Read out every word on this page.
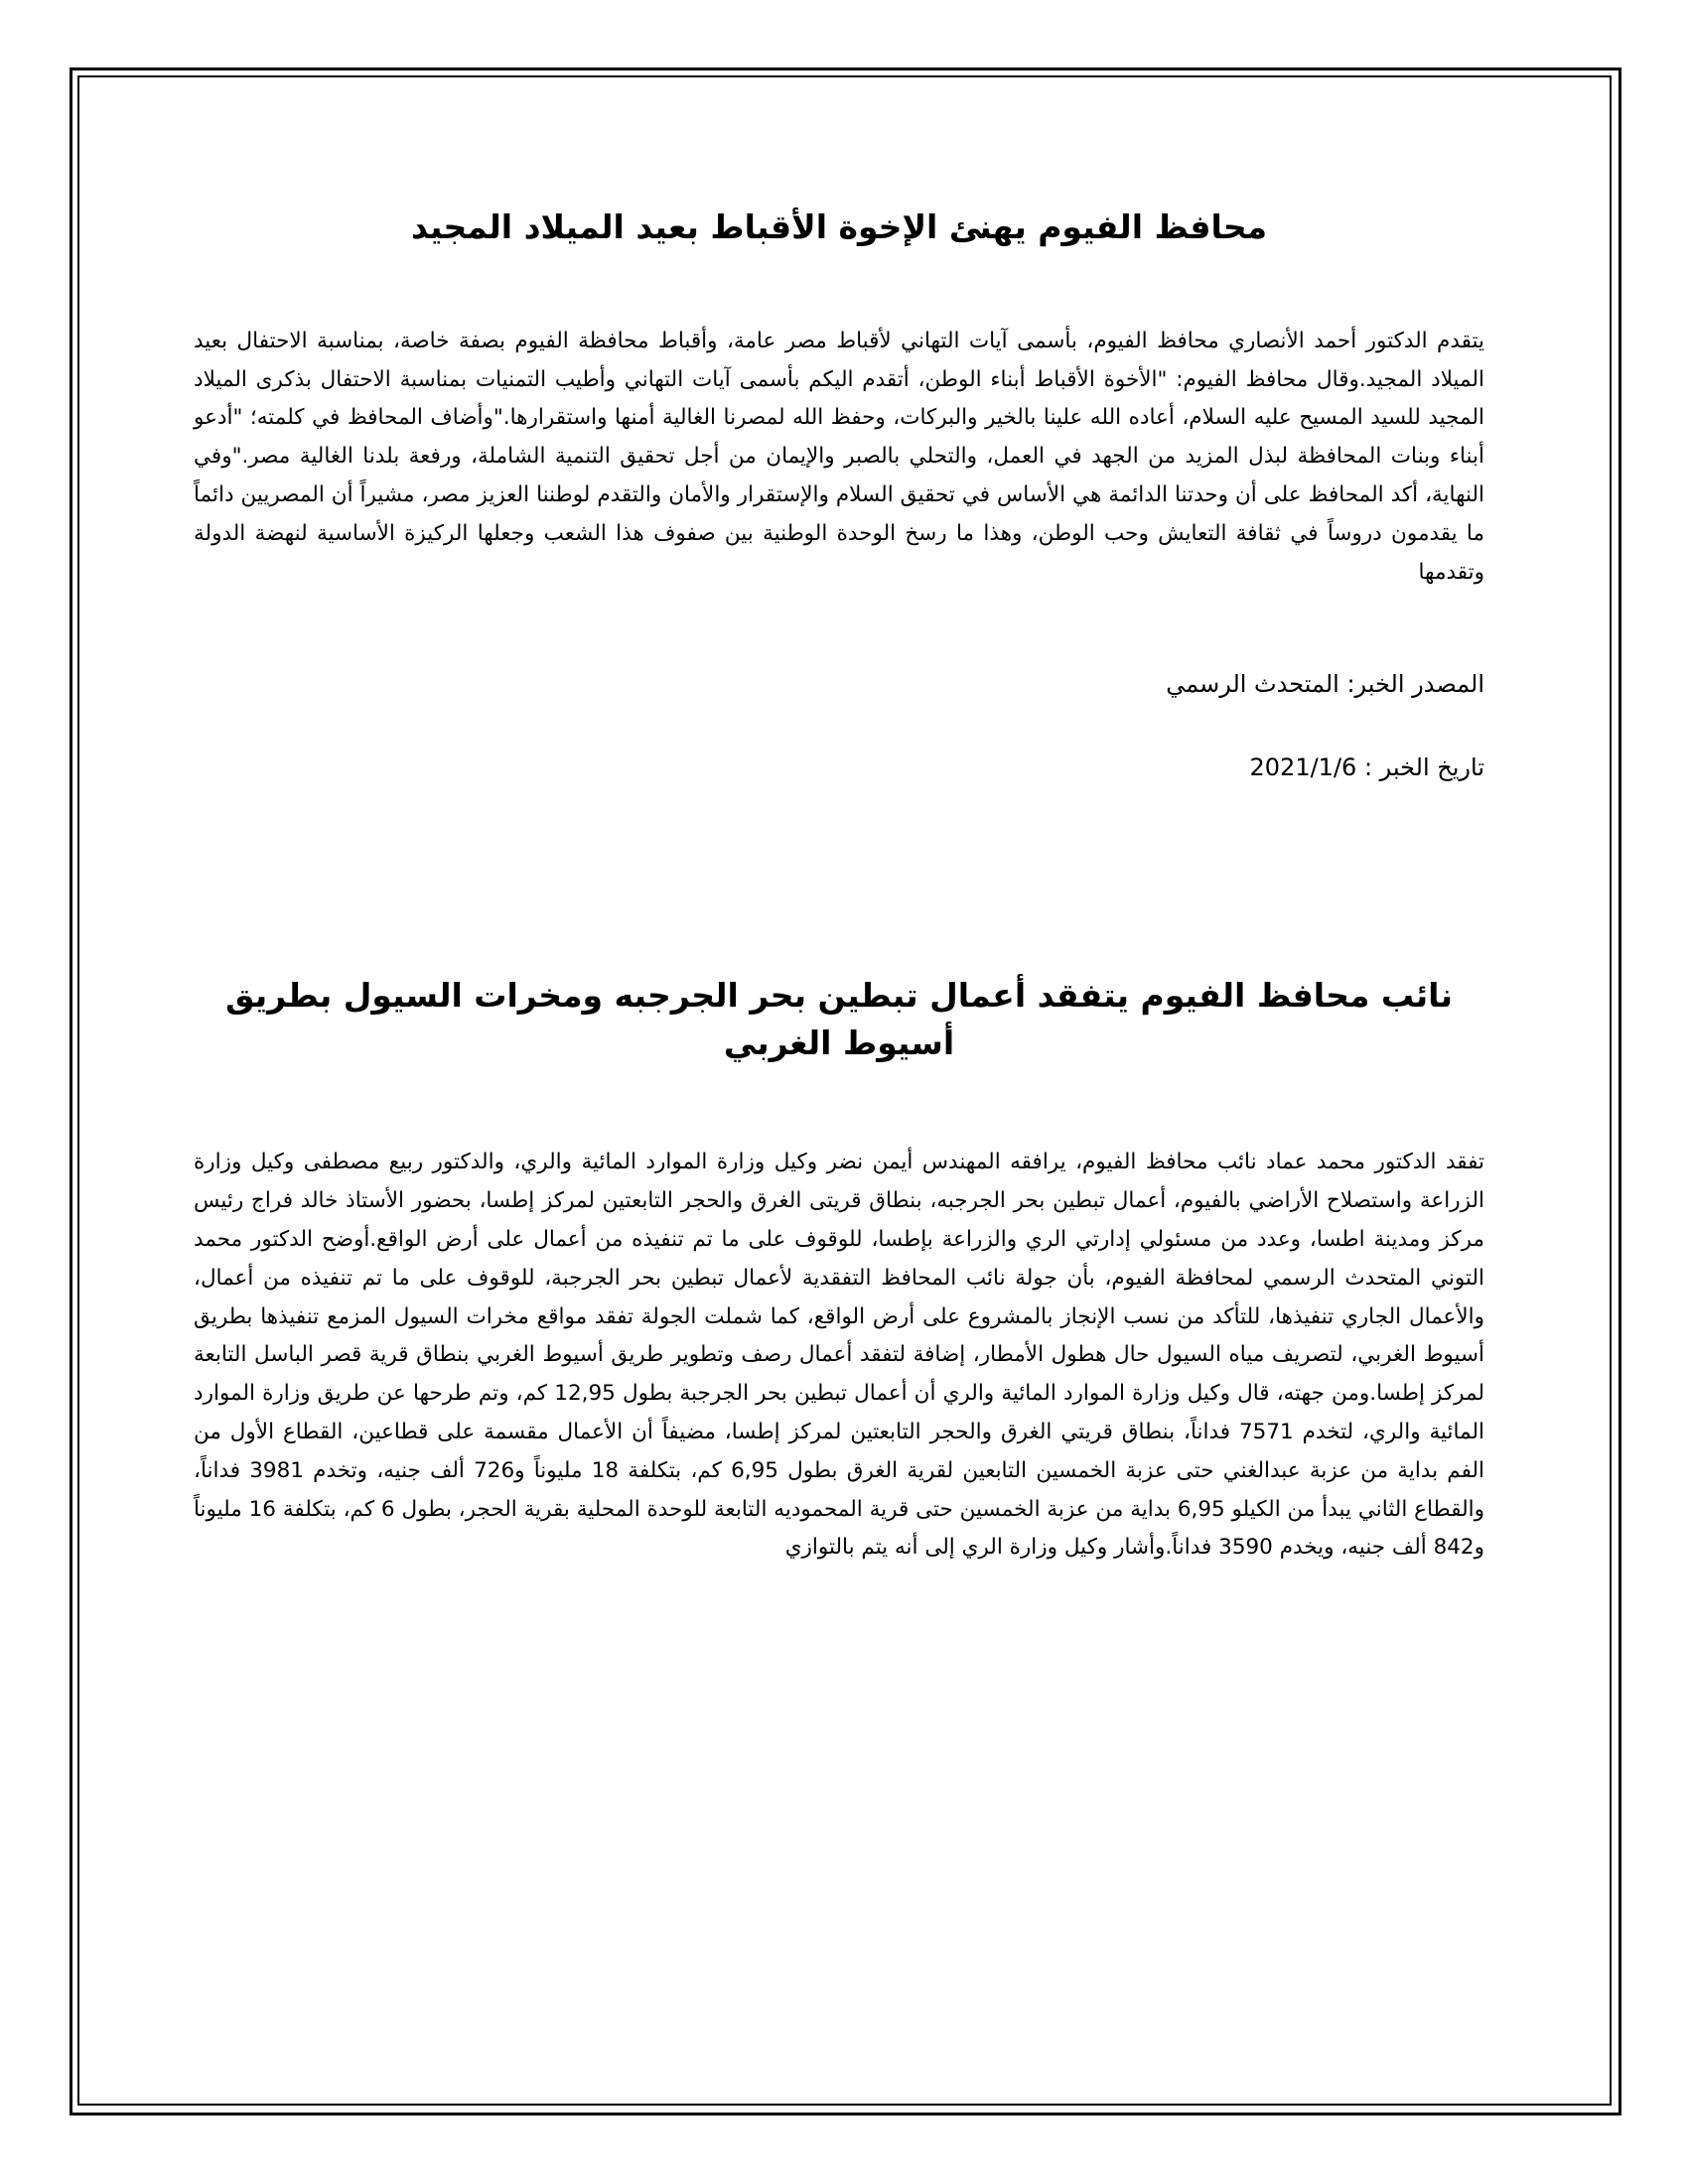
محافظ الفيوم يهنئ الإخوة الأقباط بعيد الميلاد المجيد

يتقدم الدكتور أحمد الأنصاري محافظ الفيوم، بأسمى آيات التهاني لأقباط مصر عامة، وأقباط محافظة الفيوم بصفة خاصة، بمناسبة الاحتفال بعيد الميلاد المجيد.وقال محافظ الفيوم: "الأخوة الأقباط أبناء الوطن، أتقدم اليكم بأسمى آيات التهاني وأطيب التمنيات بمناسبة الاحتفال بذكرى الميلاد المجيد للسيد المسيح عليه السلام، أعاده الله علينا بالخير والبركات، وحفظ الله لمصرنا الغالية أمنها واستقرارها."وأضاف المحافظ في كلمته؛ "أدعو أبناء وبنات المحافظة لبذل المزيد من الجهد في العمل، والتحلي بالصبر والإيمان من أجل تحقيق التنمية الشاملة، ورفعة بلدنا الغالية مصر."وفي النهاية، أكد المحافظ على أن وحدتنا الدائمة هي الأساس في تحقيق السلام والإستقرار والأمان والتقدم لوطننا العزيز مصر، مشيراً أن المصريين دائماً ما يقدمون دروساً في ثقافة التعايش وحب الوطن، وهذا ما رسخ الوحدة الوطنية بين صفوف هذا الشعب وجعلها الركيزة الأساسية لنهضة الدولة وتقدمها

المصدر الخبر: المتحدث الرسمي

تاريخ الخبر : 2021/1/6

نائب محافظ الفيوم يتفقد أعمال تبطين بحر الجرجبه ومخرات السيول بطريق أسيوط الغربي

تفقد الدكتور محمد عماد نائب محافظ الفيوم، يرافقه المهندس أيمن نضر وكيل وزارة الموارد المائية والري، والدكتور ربيع مصطفى وكيل وزارة الزراعة واستصلاح الأراضي بالفيوم، أعمال تبطين بحر الجرجبه، بنطاق قريتى الغرق والحجر التابعتين لمركز إطسا، بحضور الأستاذ خالد فراج رئيس مركز ومدينة اطسا، وعدد من مسئولي إدارتي الري والزراعة بإطسا، للوقوف على ما تم تنفيذه من أعمال على أرض الواقع.أوضح الدكتور محمد التوني المتحدث الرسمي لمحافظة الفيوم، بأن جولة نائب المحافظ التفقدية لأعمال تبطين بحر الجرجبة، للوقوف على ما تم تنفيذه من أعمال، والأعمال الجاري تنفيذها، للتأكد من نسب الإنجاز بالمشروع على أرض الواقع، كما شملت الجولة تفقد مواقع مخرات السيول المزمع تنفيذها بطريق أسيوط الغربي، لتصريف مياه السيول حال هطول الأمطار، إضافة لتفقد أعمال رصف وتطوير طريق أسيوط الغربي بنطاق قرية قصر الباسل التابعة لمركز إطسا.ومن جهته، قال وكيل وزارة الموارد المائية والري أن أعمال تبطين بحر الجرجبة بطول 12,95 كم، وتم طرحها عن طريق وزارة الموارد المائية والري، لتخدم 7571 فداناً، بنطاق قريتي الغرق والحجر التابعتين لمركز إطسا، مضيفاً أن الأعمال مقسمة على قطاعين، القطاع الأول من الفم بداية من عزبة عبدالغني حتى عزبة الخمسين التابعين لقرية الغرق بطول 6,95 كم، بتكلفة 18 مليوناً و726 ألف جنيه، وتخدم 3981 فداناً، والقطاع الثاني يبدأ من الكيلو 6,95 بداية من عزبة الخمسين حتى قرية المحموديه التابعة للوحدة المحلية بقرية الحجر، بطول 6 كم، بتكلفة 16 مليوناً و842 ألف جنيه، ويخدم 3590 فداناً.وأشار وكيل وزارة الري إلى أنه يتم بالتوازي
